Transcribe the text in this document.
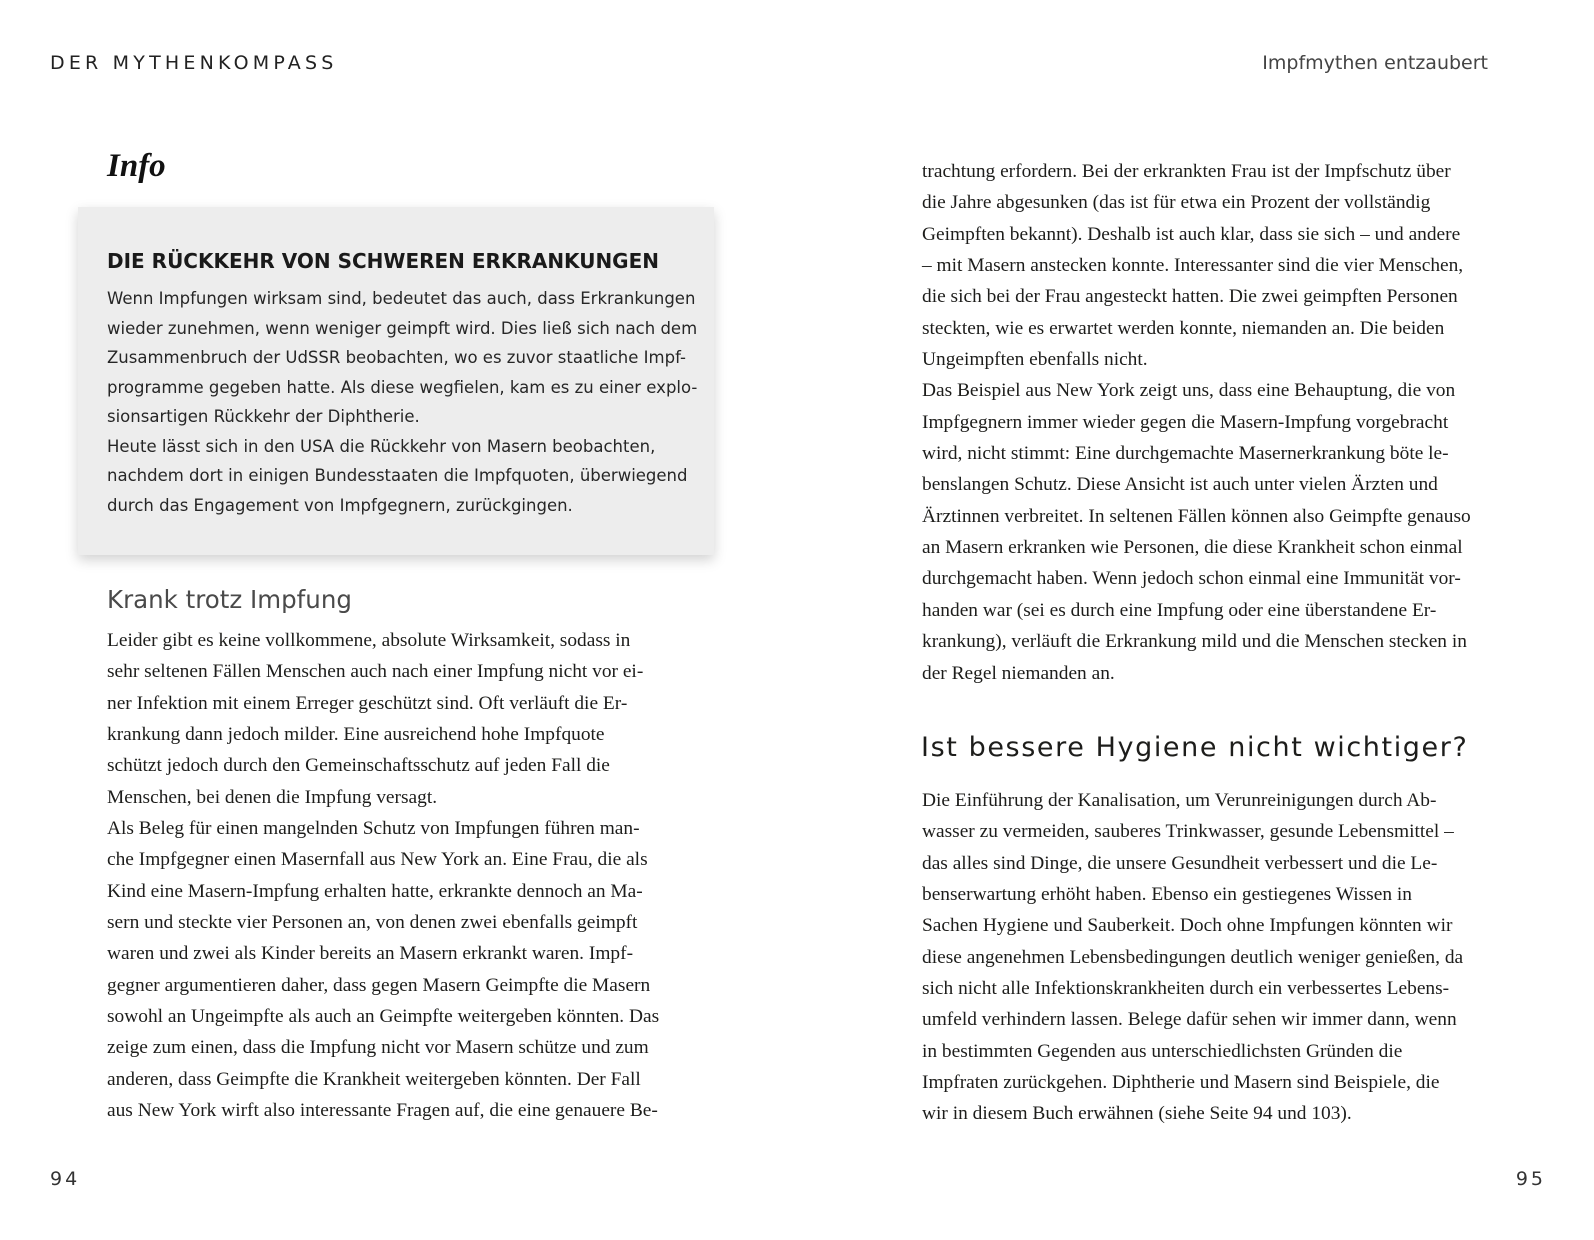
DER MYTHENKOMPASS	Impfmythen entzaubert
Info
DIE RÜCKKEHR VON SCHWEREN ERKRANKUNGEN

Wenn Impfungen wirksam sind, bedeutet das auch, dass Erkrankungen
wieder zunehmen, wenn weniger geimpft wird. Dies ließ sich nach dem
Zusammenbruch der UdSSR beobachten, wo es zuvor staatliche Impf-
programme gegeben hatte. Als diese wegfielen, kam es zu einer explo-
sionsartigen Rückkehr der Diphtherie.

Heute lässt sich in den USA die Rückkehr von Masern beobachten,
nachdem dort in einigen Bundesstaaten die Impfquoten, überwiegend
durch das Engagement von Impfgegnern, zurückgingen.

Krank trotz Impfung

Leider gibt es keine vollkommene, absolute Wirksamkeit, sodass in
sehr seltenen Fällen Menschen auch nach einer Impfung nicht vor ei-
ner Infektion mit einem Erreger geschützt sind. Oft verläuft die Er-
krankung dann jedoch milder. Eine ausreichend hohe Impfquote
schützt jedoch durch den Gemeinschaftsschutz auf jeden Fall die
Menschen, bei denen die Impfung versagt.

Als Beleg für einen mangelnden Schutz von Impfungen führen man-
che Impfgegner einen Masernfall aus New York an. Eine Frau, die als
Kind eine Masern-Impfung erhalten hatte, erkrankte dennoch an Ma-
sern und steckte vier Personen an, von denen zwei ebenfalls geimpft
waren und zwei als Kinder bereits an Masern erkrankt waren. Impf-
gegner argumentieren daher, dass gegen Masern Geimpfte die Masern
sowohl an Ungeimpfte als auch an Geimpfte weitergeben könnten. Das
zeige zum einen, dass die Impfung nicht vor Masern schütze und zum
anderen, dass Geimpfte die Krankheit weitergeben könnten. Der Fall
aus New York wirft also interessante Fragen auf, die eine genauere Be-

trachtung erfordern. Bei der erkrankten Frau ist der Impfschutz über
die Jahre abgesunken (das ist für etwa ein Prozent der vollständig
Geimpften bekannt). Deshalb ist auch klar, dass sie sich – und andere
– mit Masern anstecken konnte. Interessanter sind die vier Menschen,
die sich bei der Frau angesteckt hatten. Die zwei geimpften Personen
steckten, wie es erwartet werden konnte, niemanden an. Die beiden
Ungeimpften ebenfalls nicht.

Das Beispiel aus New York zeigt uns, dass eine Behauptung, die von
Impfgegnern immer wieder gegen die Masern-Impfung vorgebracht
wird, nicht stimmt: Eine durchgemachte Masernerkrankung böte le-
benslangen Schutz. Diese Ansicht ist auch unter vielen Ärzten und
Ärztinnen verbreitet. In seltenen Fällen können also Geimpfte genauso
an Masern erkranken wie Personen, die diese Krankheit schon einmal
durchgemacht haben. Wenn jedoch schon einmal eine Immunität vor-
handen war (sei es durch eine Impfung oder eine überstandene Er-
krankung), verläuft die Erkrankung mild und die Menschen stecken in
der Regel niemanden an.

Ist bessere Hygiene nicht wichtiger?

Die Einführung der Kanalisation, um Verunreinigungen durch Ab-
wasser zu vermeiden, sauberes Trinkwasser, gesunde Lebensmittel –
das alles sind Dinge, die unsere Gesundheit verbessert und die Le-
benserwartung erhöht haben. Ebenso ein gestiegenes Wissen in
Sachen Hygiene und Sauberkeit. Doch ohne Impfungen könnten wir
diese angenehmen Lebensbedingungen deutlich weniger genießen, da
sich nicht alle Infektionskrankheiten durch ein verbessertes Lebens-
umfeld verhindern lassen. Belege dafür sehen wir immer dann, wenn
in bestimmten Gegenden aus unterschiedlichsten Gründen die
Impfraten zurückgehen. Diphtherie und Masern sind Beispiele, die
wir in diesem Buch erwähnen (siehe Seite 94 und 103).

94	95
